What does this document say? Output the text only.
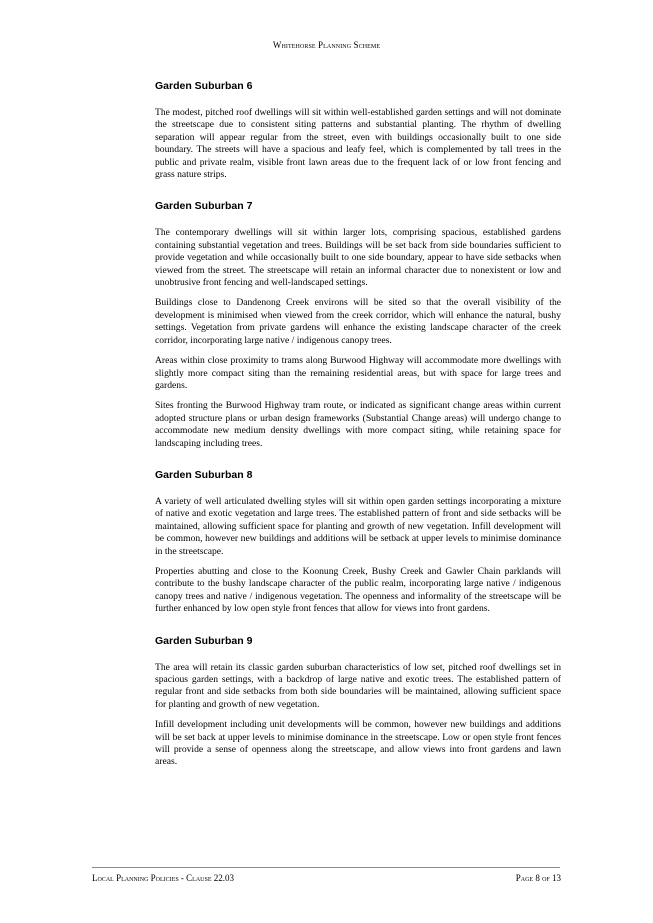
Whitehorse Planning Scheme
Garden Suburban 6

The modest, pitched roof dwellings will sit within well-established garden settings and will not dominate the streetscape due to consistent siting patterns and substantial planting. The rhythm of dwelling separation will appear regular from the street, even with buildings occasionally built to one side boundary. The streets will have a spacious and leafy feel, which is complemented by tall trees in the public and private realm, visible front lawn areas due to the frequent lack of or low front fencing and grass nature strips.

Garden Suburban 7

The contemporary dwellings will sit within larger lots, comprising spacious, established gardens containing substantial vegetation and trees. Buildings will be set back from side boundaries sufficient to provide vegetation and while occasionally built to one side boundary, appear to have side setbacks when viewed from the street. The streetscape will retain an informal character due to nonexistent or low and unobtrusive front fencing and well-landscaped settings.

Buildings close to Dandenong Creek environs will be sited so that the overall visibility of the development is minimised when viewed from the creek corridor, which will enhance the natural, bushy settings. Vegetation from private gardens will enhance the existing landscape character of the creek corridor, incorporating large native / indigenous canopy trees.

Areas within close proximity to trams along Burwood Highway will accommodate more dwellings with slightly more compact siting than the remaining residential areas, but with space for large trees and gardens.

Sites fronting the Burwood Highway tram route, or indicated as significant change areas within current adopted structure plans or urban design frameworks (Substantial Change areas) will undergo change to accommodate new medium density dwellings with more compact siting, while retaining space for landscaping including trees.

Garden Suburban 8

A variety of well articulated dwelling styles will sit within open garden settings incorporating a mixture of native and exotic vegetation and large trees. The established pattern of front and side setbacks will be maintained, allowing sufficient space for planting and growth of new vegetation. Infill development will be common, however new buildings and additions will be setback at upper levels to minimise dominance in the streetscape.

Properties abutting and close to the Koonung Creek, Bushy Creek and Gawler Chain parklands will contribute to the bushy landscape character of the public realm, incorporating large native / indigenous canopy trees and native / indigenous vegetation. The openness and informality of the streetscape will be further enhanced by low open style front fences that allow for views into front gardens.

Garden Suburban 9

The area will retain its classic garden suburban characteristics of low set, pitched roof dwellings set in spacious garden settings, with a backdrop of large native and exotic trees. The established pattern of regular front and side setbacks from both side boundaries will be maintained, allowing sufficient space for planting and growth of new vegetation.

Infill development including unit developments will be common, however new buildings and additions will be set back at upper levels to minimise dominance in the streetscape. Low or open style front fences will provide a sense of openness along the streetscape, and allow views into front gardens and lawn areas.

Local Planning Policies - Clause 22.03	Page 8 of 13
